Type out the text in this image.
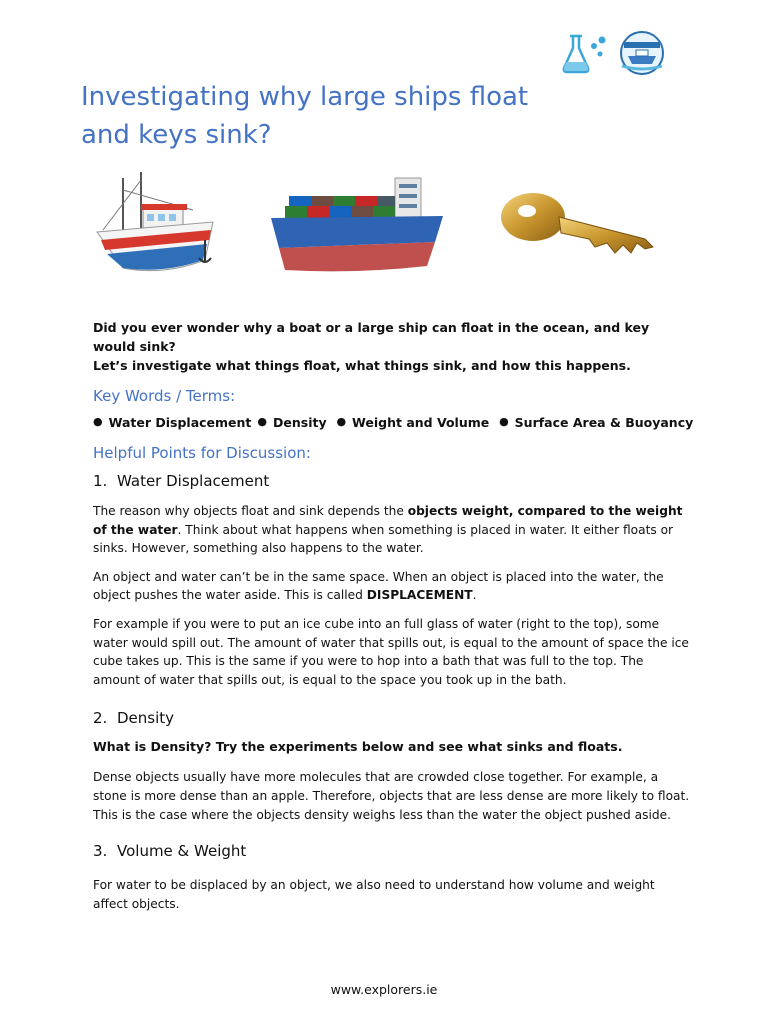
Investigating why large ships float
and keys sink?

Did you ever wonder why a boat or a large ship can float in the ocean, and key would sink?
Let’s investigate what things float, what things sink, and how this happens.

Key Words / Terms:
● Water Displacement ● Density ● Weight and Volume ● Surface Area & Buoyancy
Helpful Points for Discussion:
1. Water Displacement

The reason why objects float and sink depends the objects weight, compared to the weight of the water. Think about what happens when something is placed in water. It either floats or sinks. However, something also happens to the water.

An object and water can’t be in the same space. When an object is placed into the water, the object pushes the water aside. This is called DISPLACEMENT.

For example if you were to put an ice cube into an full glass of water (right to the top), some water would spill out. The amount of water that spills out, is equal to the amount of space the ice cube takes up. This is the same if you were to hop into a bath that was full to the top. The amount of water that spills out, is equal to the space you took up in the bath.

2. Density

What is Density? Try the experiments below and see what sinks and floats.

Dense objects usually have more molecules that are crowded close together. For example, a stone is more dense than an apple. Therefore, objects that are less dense are more likely to float. This is the case where the objects density weighs less than the water the object pushed aside.

3. Volume & Weight

For water to be displaced by an object, we also need to understand how volume and weight affect objects.

www.explorers.ie
